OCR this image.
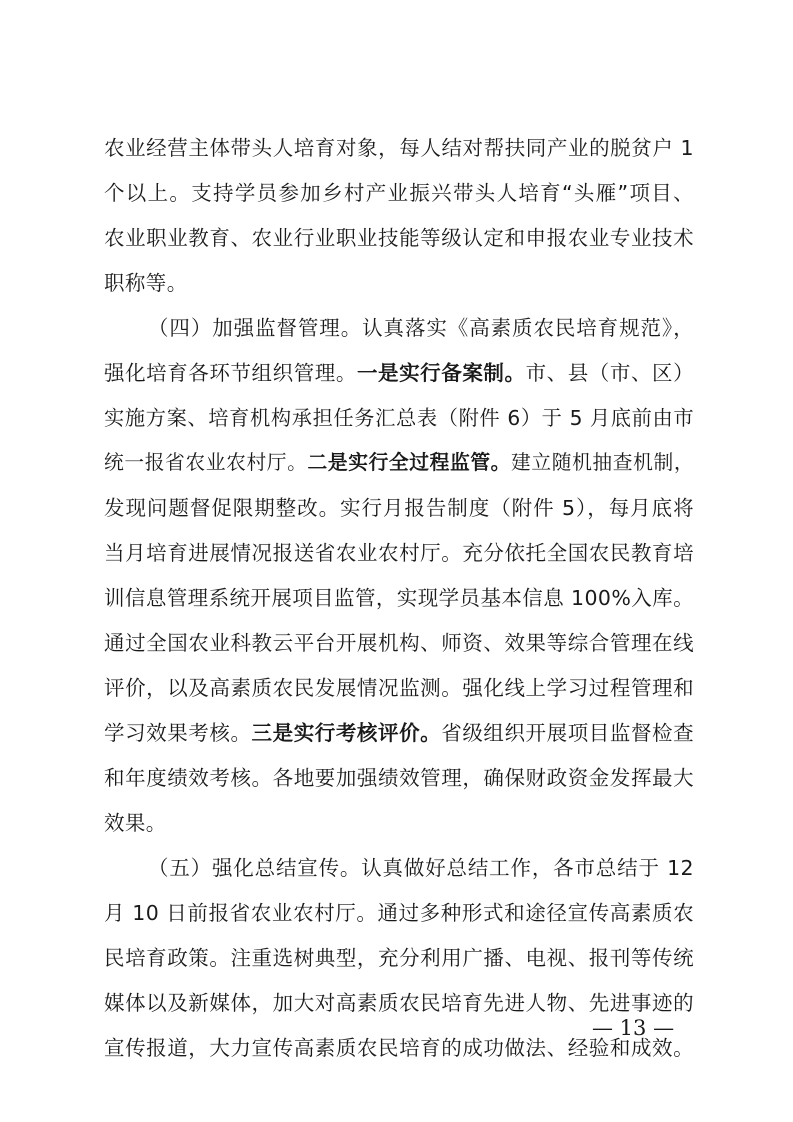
农业经营主体带头人培育对象，每人结对帮扶同产业的脱贫户 1
个以上。支持学员参加乡村产业振兴带头人培育“头雁”项目、
农业职业教育、农业行业职业技能等级认定和申报农业专业技术
职称等。
（四）加强监督管理。认真落实《高素质农民培育规范》，
强化培育各环节组织管理。一是实行备案制。市、县（市、区）
实施方案、培育机构承担任务汇总表（附件 6）于 5 月底前由市
统一报省农业农村厅。二是实行全过程监管。建立随机抽查机制，
发现问题督促限期整改。实行月报告制度（附件 5），每月底将
当月培育进展情况报送省农业农村厅。充分依托全国农民教育培
训信息管理系统开展项目监管，实现学员基本信息 100%入库。
通过全国农业科教云平台开展机构、师资、效果等综合管理在线
评价，以及高素质农民发展情况监测。强化线上学习过程管理和
学习效果考核。三是实行考核评价。省级组织开展项目监督检查
和年度绩效考核。各地要加强绩效管理，确保财政资金发挥最大
效果。
（五）强化总结宣传。认真做好总结工作，各市总结于 12
月 10 日前报省农业农村厅。通过多种形式和途径宣传高素质农
民培育政策。注重选树典型，充分利用广播、电视、报刊等传统
媒体以及新媒体，加大对高素质农民培育先进人物、先进事迹的
宣传报道，大力宣传高素质农民培育的成功做法、经验和成效。
— 13 —
